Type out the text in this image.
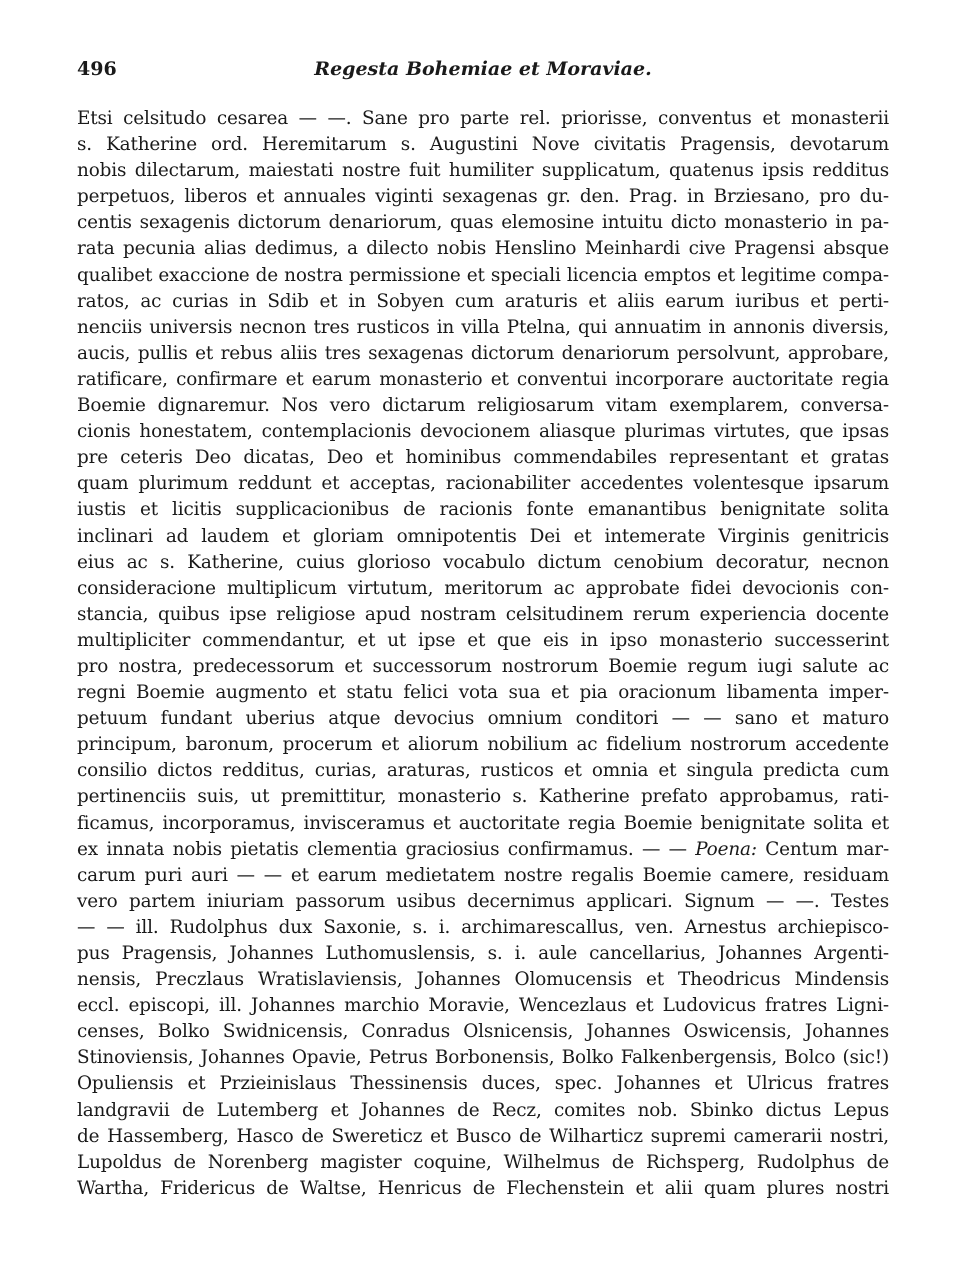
496	Regesta Bohemiae et Moraviae.
Etsi celsitudo cesarea — —. Sane pro parte rel. priorisse, conventus et monasterii
s. Katherine ord. Heremitarum s. Augustini Nove civitatis Pragensis, devotarum
nobis dilectarum, maiestati nostre fuit humiliter supplicatum, quatenus ipsis redditus
perpetuos, liberos et annuales viginti sexagenas gr. den. Prag. in Brziesano, pro du-
centis sexagenis dictorum denariorum, quas elemosine intuitu dicto monasterio in pa-
rata pecunia alias dedimus, a dilecto nobis Henslino Meinhardi cive Pragensi absque
qualibet exaccione de nostra permissione et speciali licencia emptos et legitime compa-
ratos, ac curias in Sdib et in Sobyen cum araturis et aliis earum iuribus et perti-
nenciis universis necnon tres rusticos in villa Ptelna, qui annuatim in annonis diversis,
aucis, pullis et rebus aliis tres sexagenas dictorum denariorum persolvunt, approbare,
ratificare, confirmare et earum monasterio et conventui incorporare auctoritate regia
Boemie dignaremur. Nos vero dictarum religiosarum vitam exemplarem, conversa-
cionis honestatem, contemplacionis devocionem aliasque plurimas virtutes, que ipsas
pre ceteris Deo dicatas, Deo et hominibus commendabiles representant et gratas
quam plurimum reddunt et acceptas, racionabiliter accedentes volentesque ipsarum
iustis et licitis supplicacionibus de racionis fonte emanantibus benignitate solita
inclinari ad laudem et gloriam omnipotentis Dei et intemerate Virginis genitricis
eius ac s. Katherine, cuius glorioso vocabulo dictum cenobium decoratur, necnon
consideracione multiplicum virtutum, meritorum ac approbate fidei devocionis con-
stancia, quibus ipse religiose apud nostram celsitudinem rerum experiencia docente
multipliciter commendantur, et ut ipse et que eis in ipso monasterio successerint
pro nostra, predecessorum et successorum nostrorum Boemie regum iugi salute ac
regni Boemie augmento et statu felici vota sua et pia oracionum libamenta imper-
petuum fundant uberius atque devocius omnium conditori — — sano et maturo
principum, baronum, procerum et aliorum nobilium ac fidelium nostrorum accedente
consilio dictos redditus, curias, araturas, rusticos et omnia et singula predicta cum
pertinenciis suis, ut premittitur, monasterio s. Katherine prefato approbamus, rati-
ficamus, incorporamus, invisceramus et auctoritate regia Boemie benignitate solita et
ex innata nobis pietatis clementia graciosius confirmamus. — — Poena: Centum mar-
carum puri auri — — et earum medietatem nostre regalis Boemie camere, residuam
vero partem iniuriam passorum usibus decernimus applicari. Signum — —. Testes
— — ill. Rudolphus dux Saxonie, s. i. archimarescallus, ven. Arnestus archiepisco-
pus Pragensis, Johannes Luthomuslensis, s. i. aule cancellarius, Johannes Argenti-
nensis, Preczlaus Wratislaviensis, Johannes Olomucensis et Theodricus Mindensis
eccl. episcopi, ill. Johannes marchio Moravie, Wencezlaus et Ludovicus fratres Ligni-
censes, Bolko Swidnicensis, Conradus Olsnicensis, Johannes Oswicensis, Johannes
Stinoviensis, Johannes Opavie, Petrus Borbonensis, Bolko Falkenbergensis, Bolco (sic!)
Opuliensis et Przieinislaus Thessinensis duces, spec. Johannes et Ulricus fratres
landgravii de Lutemberg et Johannes de Recz, comites nob. Sbinko dictus Lepus
de Hassemberg, Hasco de Swereticz et Busco de Wilharticz supremi camerarii nostri,
Lupoldus de Norenberg magister coquine, Wilhelmus de Richsperg, Rudolphus de
Wartha, Fridericus de Waltse, Henricus de Flechenstein et alii quam plures nostri
